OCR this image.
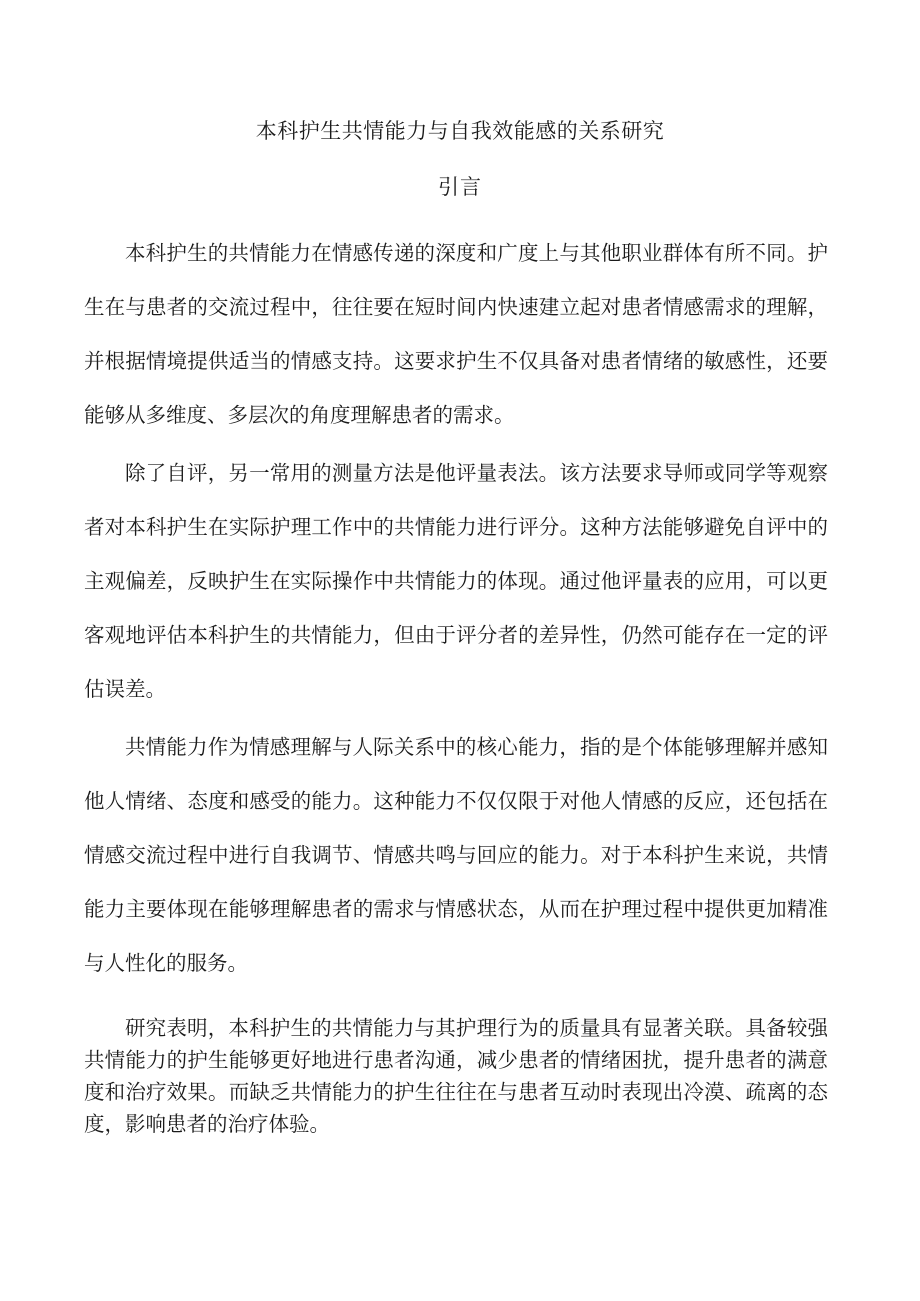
本科护生共情能力与自我效能感的关系研究
引言

本科护生的共情能力在情感传递的深度和广度上与其他职业群体有所不同。护生在与患者的交流过程中，往往要在短时间内快速建立起对患者情感需求的理解，并根据情境提供适当的情感支持。这要求护生不仅具备对患者情绪的敏感性，还要能够从多维度、多层次的角度理解患者的需求。

除了自评，另一常用的测量方法是他评量表法。该方法要求导师或同学等观察者对本科护生在实际护理工作中的共情能力进行评分。这种方法能够避免自评中的主观偏差，反映护生在实际操作中共情能力的体现。通过他评量表的应用，可以更客观地评估本科护生的共情能力，但由于评分者的差异性，仍然可能存在一定的评估误差。

共情能力作为情感理解与人际关系中的核心能力，指的是个体能够理解并感知他人情绪、态度和感受的能力。这种能力不仅仅限于对他人情感的反应，还包括在情感交流过程中进行自我调节、情感共鸣与回应的能力。对于本科护生来说，共情能力主要体现在能够理解患者的需求与情感状态，从而在护理过程中提供更加精准与人性化的服务。

研究表明，本科护生的共情能力与其护理行为的质量具有显著关联。具备较强共情能力的护生能够更好地进行患者沟通，减少患者的情绪困扰，提升患者的满意度和治疗效果。而缺乏共情能力的护生往往在与患者互动时表现出冷漠、疏离的态度，影响患者的治疗体验。
